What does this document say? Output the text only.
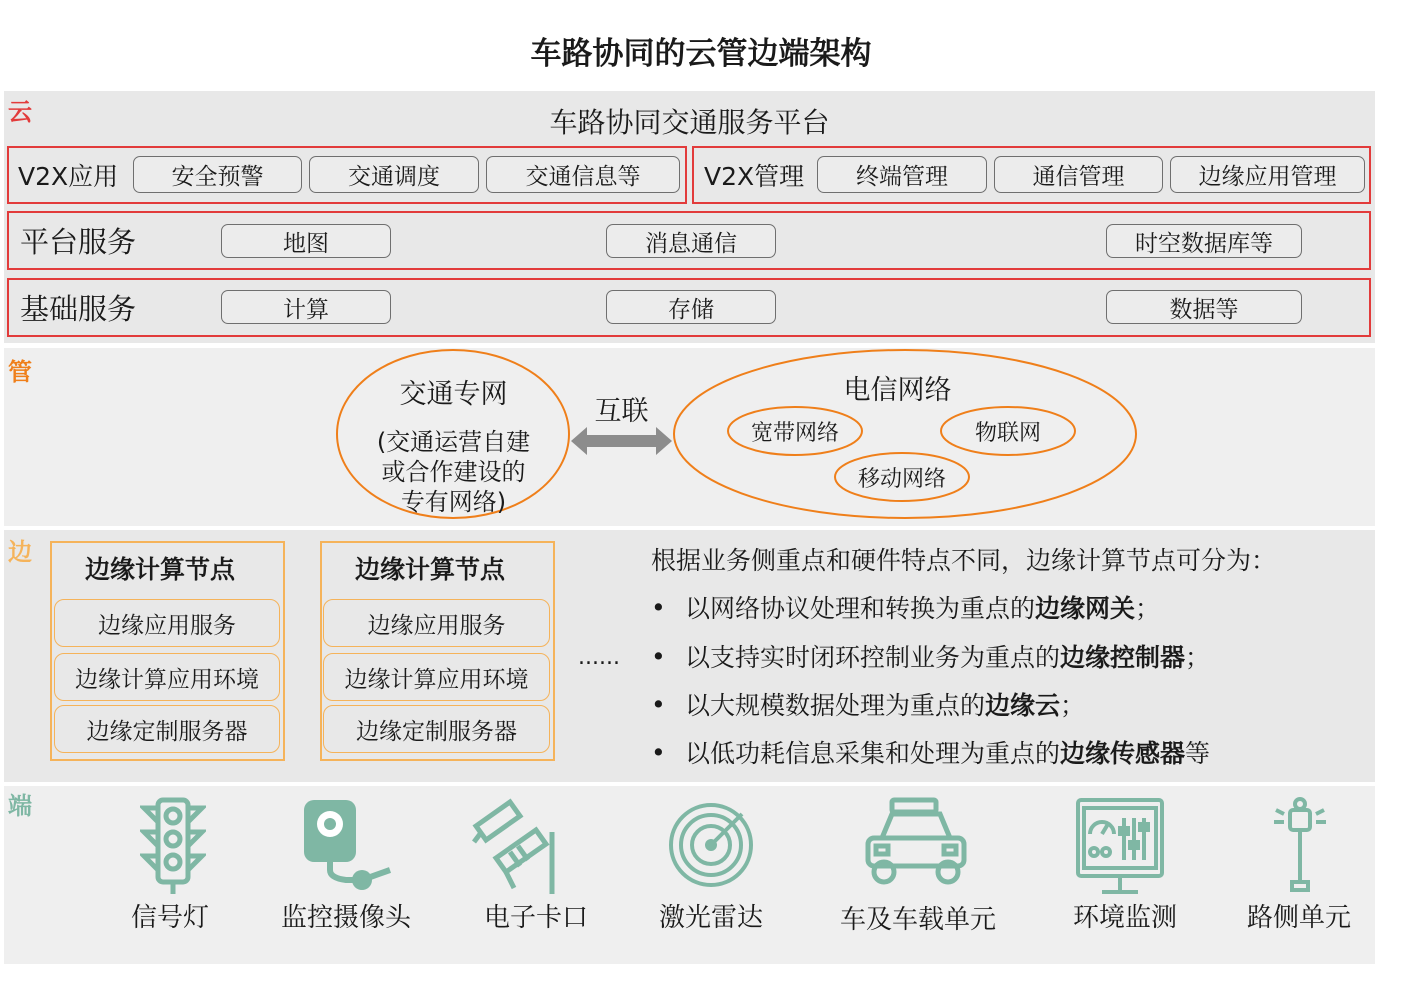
车路协同的云管边端架构
云	车路协同交通服务平台
V2X应用	安全预警	交通调度	交通信息等	V2X管理	终端管理	通信管理	边缘应用管理
平台服务	地图	消息通信	时空数据库等
基础服务	计算	存储	数据等
管
交通专网
(交通运营自建
或合作建设的
专有网络)
互联
电信网络
宽带网络	物联网
移动网络
边
边缘计算节点
边缘应用服务
边缘计算应用环境
边缘定制服务器
边缘计算节点
边缘应用服务
边缘计算应用环境
边缘定制服务器
......
根据业务侧重点和硬件特点不同，边缘计算节点可分为：
• 以网络协议处理和转换为重点的 边缘网关 ；
• 以支持实时闭环控制业务为重点的 边缘控制器 ；
• 以大规模数据处理为重点的 边缘云 ；
• 以低功耗信息采集和处理为重点的 边缘传感器 等
端
信号灯	监控摄像头	电子卡口	激光雷达	车及车载单元	环境监测	路侧单元
